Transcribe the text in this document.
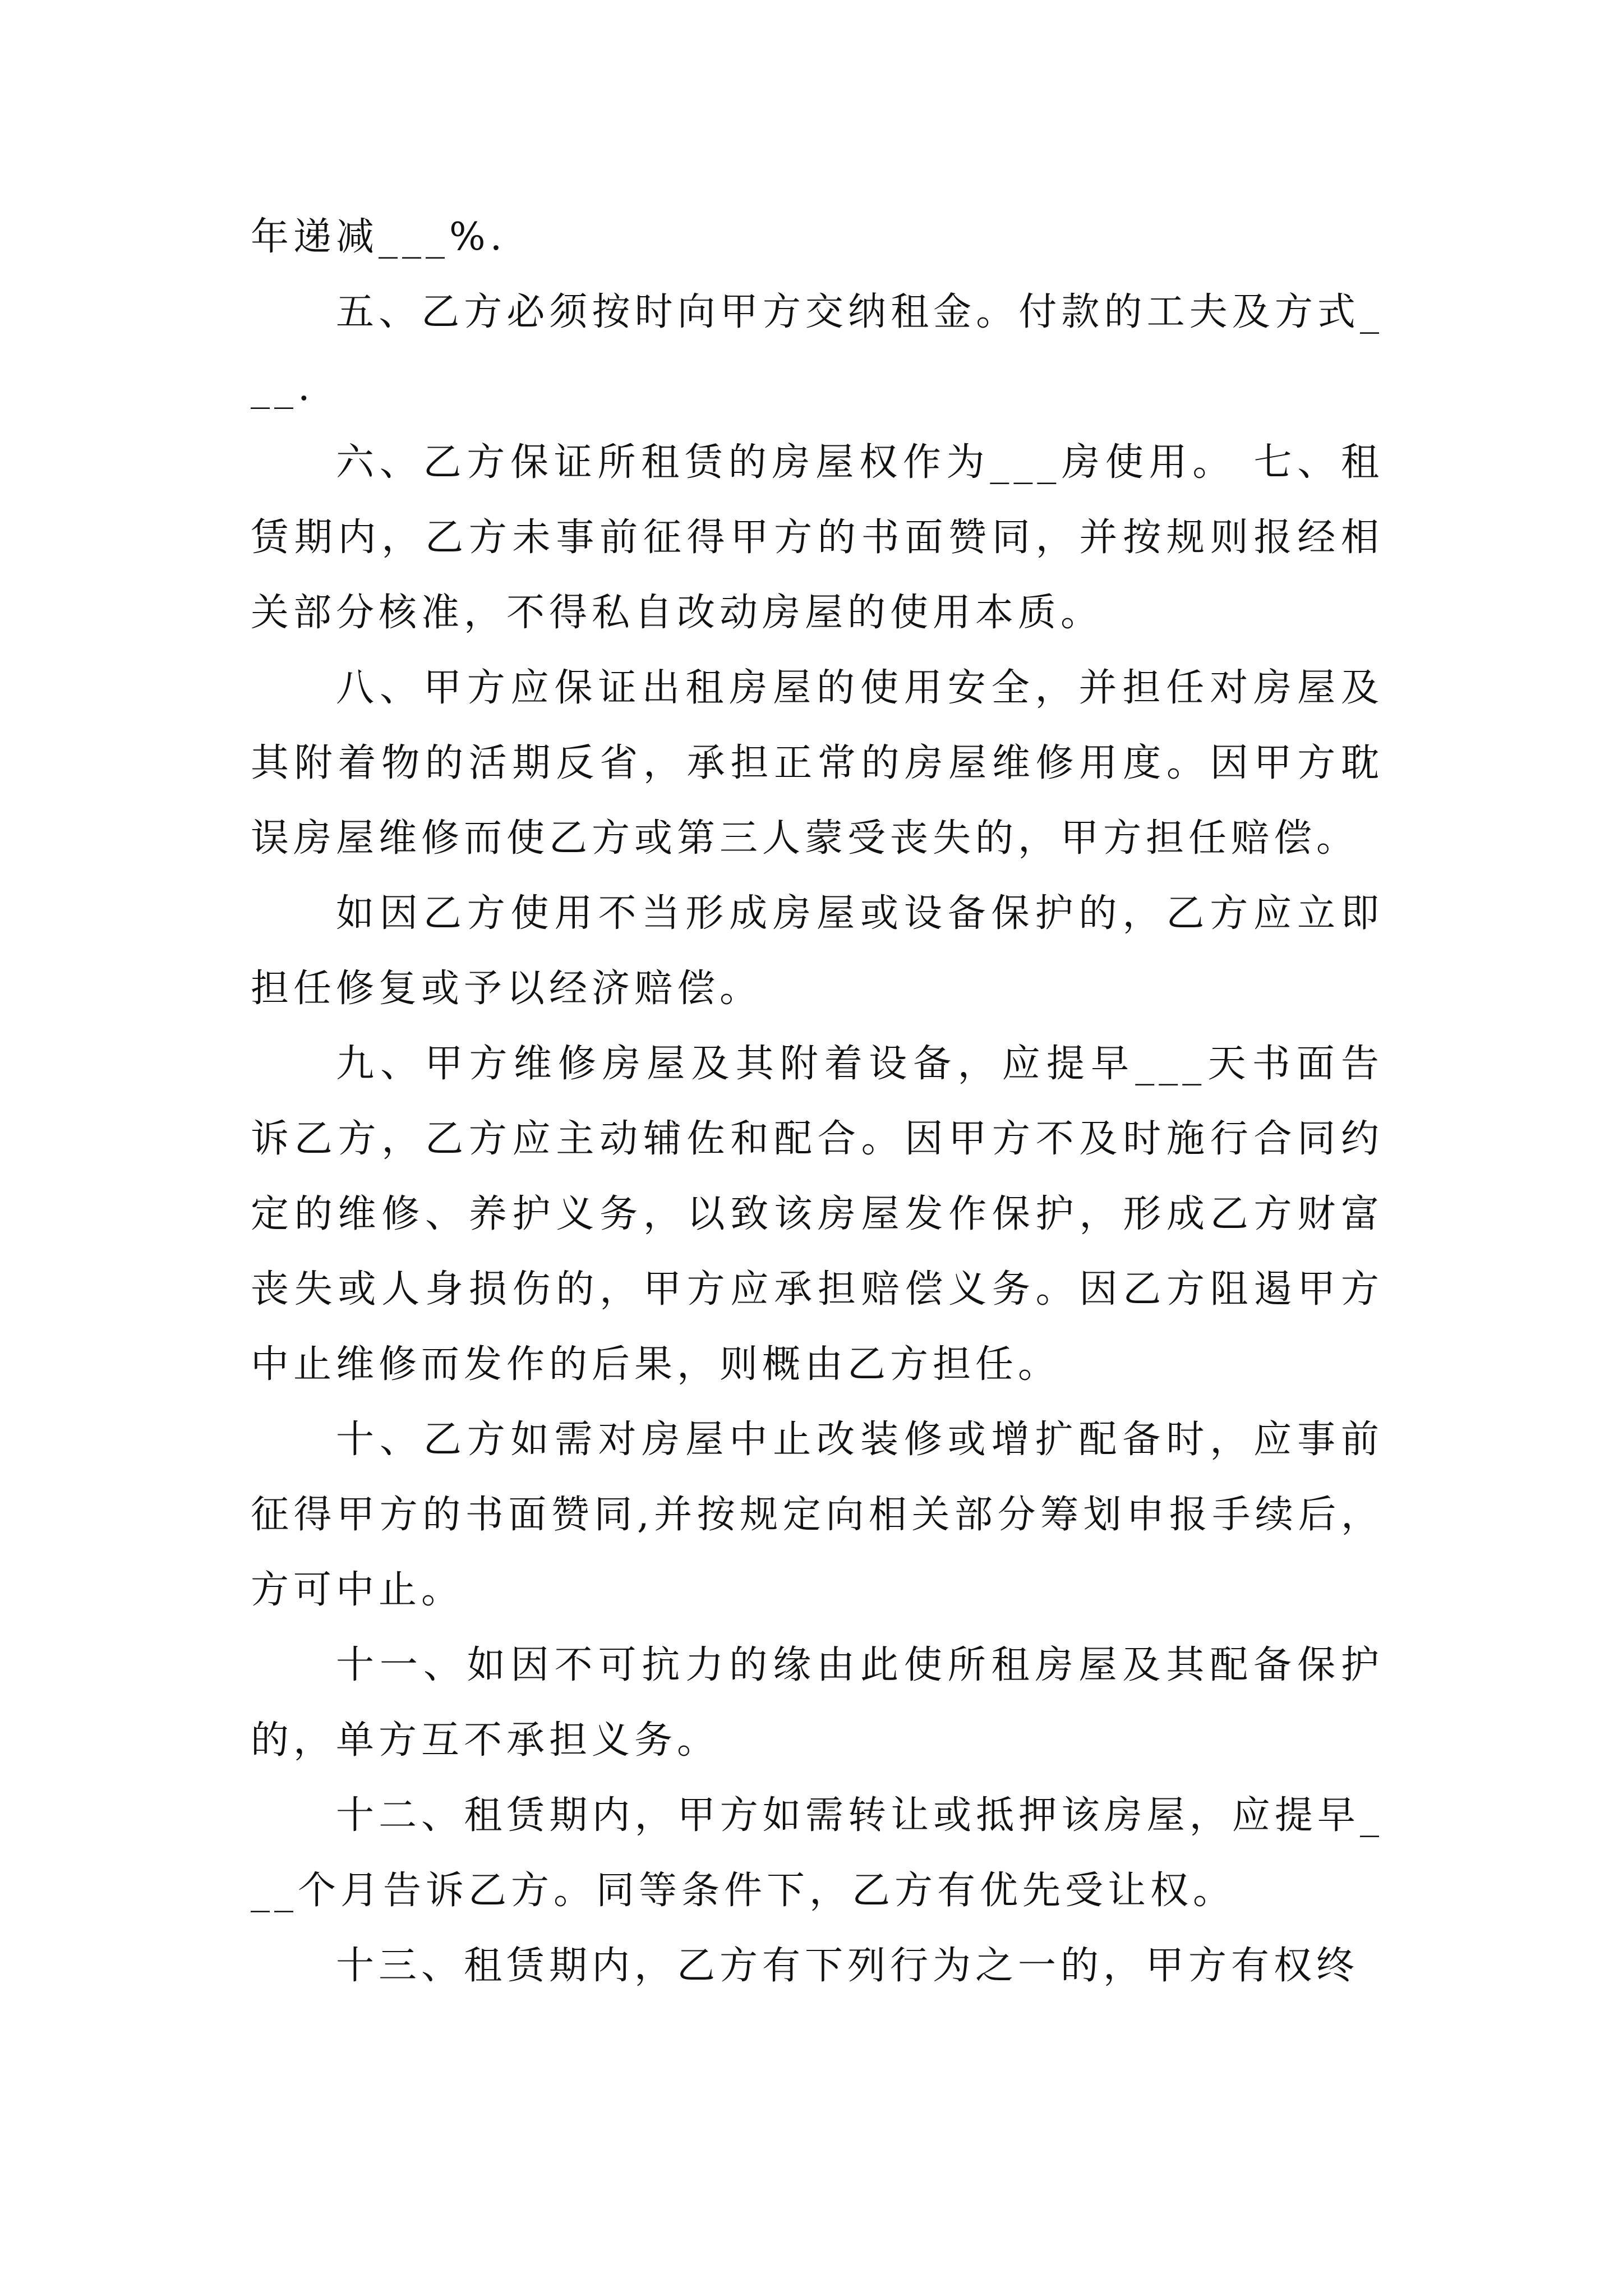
年递减___%.

五、乙方必须按时向甲方交纳租金。付款的工夫及方式___.

六、乙方保证所租赁的房屋权作为___房使用。 七、租赁期内，乙方未事前征得甲方的书面赞同，并按规则报经相关部分核准，不得私自改动房屋的使用本质。

八、甲方应保证出租房屋的使用安全，并担任对房屋及其附着物的活期反省，承担正常的房屋维修用度。因甲方耽误房屋维修而使乙方或第三人蒙受丧失的，甲方担任赔偿。

如因乙方使用不当形成房屋或设备保护的，乙方应立即担任修复或予以经济赔偿。

九、甲方维修房屋及其附着设备，应提早___天书面告诉乙方，乙方应主动辅佐和配合。因甲方不及时施行合同约定的维修、养护义务，以致该房屋发作保护，形成乙方财富丧失或人身损伤的，甲方应承担赔偿义务。因乙方阻遏甲方中止维修而发作的后果，则概由乙方担任。

十、乙方如需对房屋中止改装修或增扩配备时，应事前征得甲方的书面赞同,并按规定向相关部分筹划申报手续后，方可中止。

十一、如因不可抗力的缘由此使所租房屋及其配备保护的，单方互不承担义务。

十二、租赁期内，甲方如需转让或抵押该房屋，应提早___个月告诉乙方。同等条件下，乙方有优先受让权。

十三、租赁期内，乙方有下列行为之一的，甲方有权终
